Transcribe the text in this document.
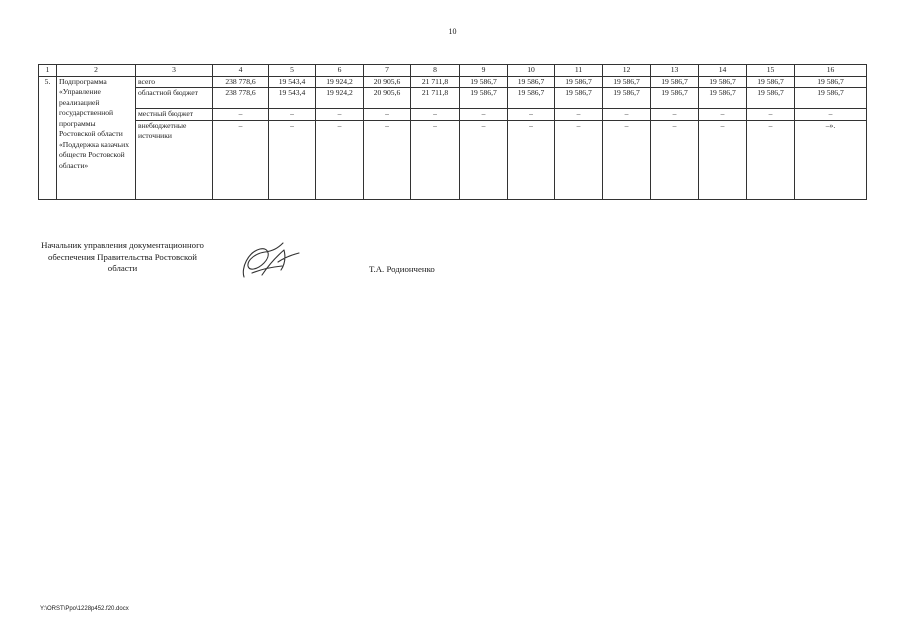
10
1	2	3	4	5	6	7	8	9	10	11	12	13	14	15	16
5.	Подпрограмма «Управление реализацией государственной программы Ростовской области «Поддержка казачьих обществ Ростовской области»	всего	238 778,6	19 543,4	19 924,2	20 905,6	21 711,8	19 586,7	19 586,7	19 586,7	19 586,7	19 586,7	19 586,7	19 586,7	19 586,7
		областной бюджет	238 778,6	19 543,4	19 924,2	20 905,6	21 711,8	19 586,7	19 586,7	19 586,7	19 586,7	19 586,7	19 586,7	19 586,7	19 586,7
		местный бюджет	–	–	–	–	–	–	–	–	–	–	–	–	–
		внебюджетные источники	–	–	–	–	–	–	–	–	–	–	–	–	–».
Начальник управления документационного обеспечения Правительства Ростовской области	Т.А. Родионченко
Y:\ORST\Ppo\1228p452.f20.docx
